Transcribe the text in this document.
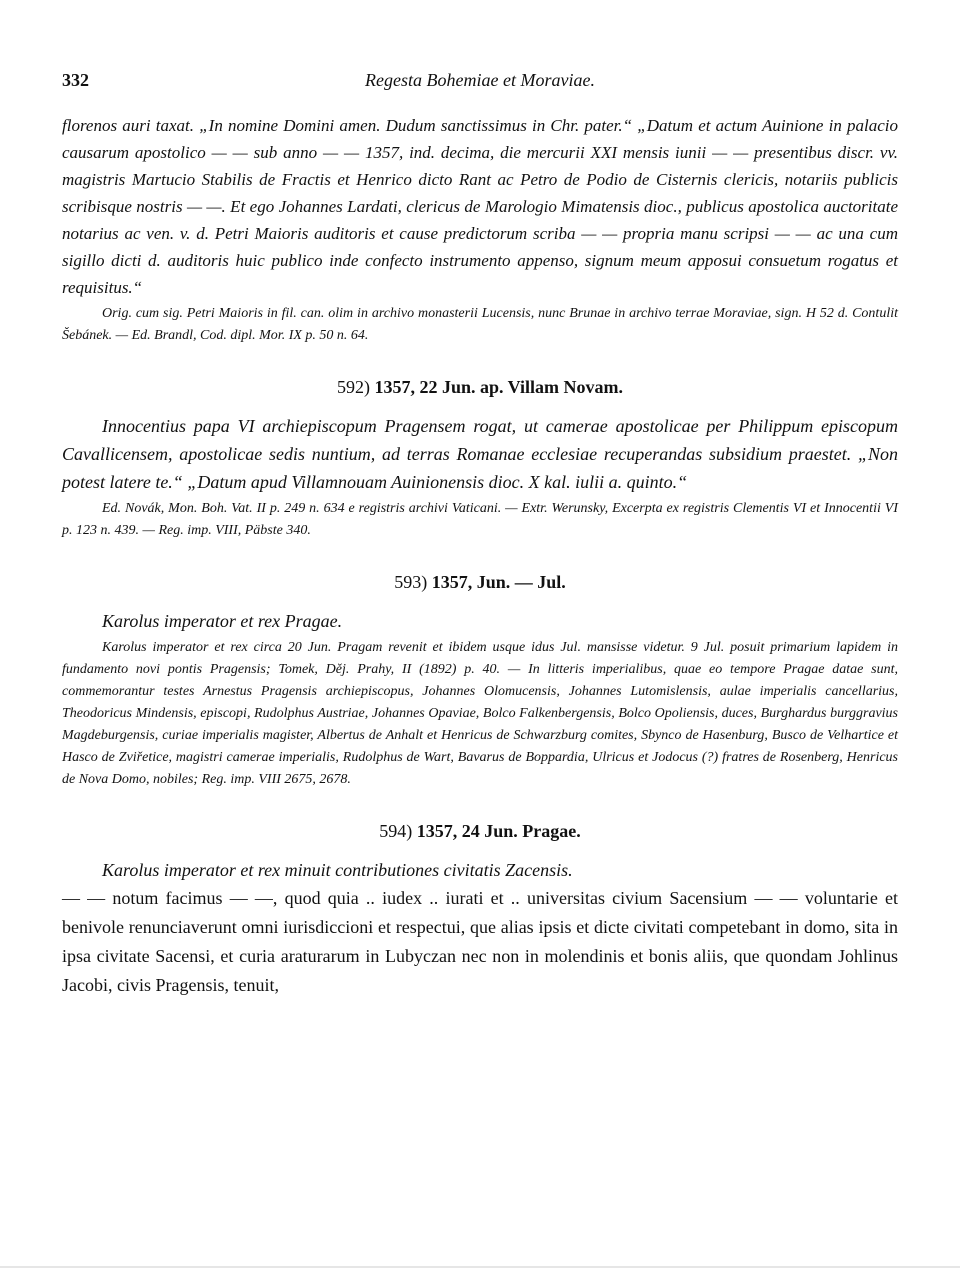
332	Regesta Bohemiae et Moraviae.

florenos auri taxat. „In nomine Domini amen. Dudum sanctissimus in Chr. pater.“ „Datum et actum Auinione in palacio causarum apostolico — — sub anno — — 1357, ind. decima, die mercurii XXI mensis iunii — — presentibus discr. vv. magistris Martucio Stabilis de Fractis et Henrico dicto Rant ac Petro de Podio de Cisternis clericis, notariis publicis scribisque nostris — —. Et ego Johannes Lardati, clericus de Marologio Mimatensis dioc., publicus apostolica auctoritate notarius ac ven. v. d. Petri Maioris auditoris et cause predictorum scriba — — propria manu scripsi — — ac una cum sigillo dicti d. auditoris huic publico inde confecto instrumento appenso, signum meum apposui consuetum rogatus et requisitus.“

Orig. cum sig. Petri Maioris in fil. can. olim in archivo monasterii Lucensis, nunc Brunae in archivo terrae Moraviae, sign. H 52 d. Contulit Šebánek. — Ed. Brandl, Cod. dipl. Mor. IX p. 50 n. 64.

592) 1357, 22 Jun. ap. Villam Novam.

Innocentius papa VI archiepiscopum Pragensem rogat, ut camerae apostolicae per Philippum episcopum Cavallicensem, apostolicae sedis nuntium, ad terras Romanae ecclesiae recuperandas subsidium praestet. „Non potest latere te.“ „Datum apud Villamnouam Auinionensis dioc. X kal. iulii a. quinto.“

Ed. Novák, Mon. Boh. Vat. II p. 249 n. 634 e registris archivi Vaticani. — Extr. Werunsky, Excerpta ex registris Clementis VI et Innocentii VI p. 123 n. 439. — Reg. imp. VIII, Päbste 340.

593) 1357, Jun. — Jul.

Karolus imperator et rex Pragae.

Karolus imperator et rex circa 20 Jun. Pragam revenit et ibidem usque idus Jul. mansisse videtur. 9 Jul. posuit primarium lapidem in fundamento novi pontis Pragensis; Tomek, Děj. Prahy, II (1892) p. 40. — In litteris imperialibus, quae eo tempore Pragae datae sunt, commemorantur testes Arnestus Pragensis archiepiscopus, Johannes Olomucensis, Johannes Lutomislensis, aulae imperialis cancellarius, Theodoricus Mindensis, episcopi, Rudolphus Austriae, Johannes Opaviae, Bolco Falkenbergensis, Bolco Opoliensis, duces, Burghardus burggravius Magdeburgensis, curiae imperialis magister, Albertus de Anhalt et Henricus de Schwarzburg comites, Sbynco de Hasenburg, Busco de Velhartice et Hasco de Zviřetice, magistri camerae imperialis, Rudolphus de Wart, Bavarus de Boppardia, Ulricus et Jodocus (?) fratres de Rosenberg, Henricus de Nova Domo, nobiles; Reg. imp. VIII 2675, 2678.

594) 1357, 24 Jun. Pragae.

Karolus imperator et rex minuit contributiones civitatis Zacensis.

— — notum facimus — —, quod quia .. iudex .. iurati et .. universitas civium Sacensium — — voluntarie et benivole renunciaverunt omni iurisdiccioni et respectui, que alias ipsis et dicte civitati competebant in domo, sita in ipsa civitate Sacensi, et curia araturarum in Lubyczan nec non in molendinis et bonis aliis, que quondam Johlinus Jacobi, civis Pragensis, tenuit,
